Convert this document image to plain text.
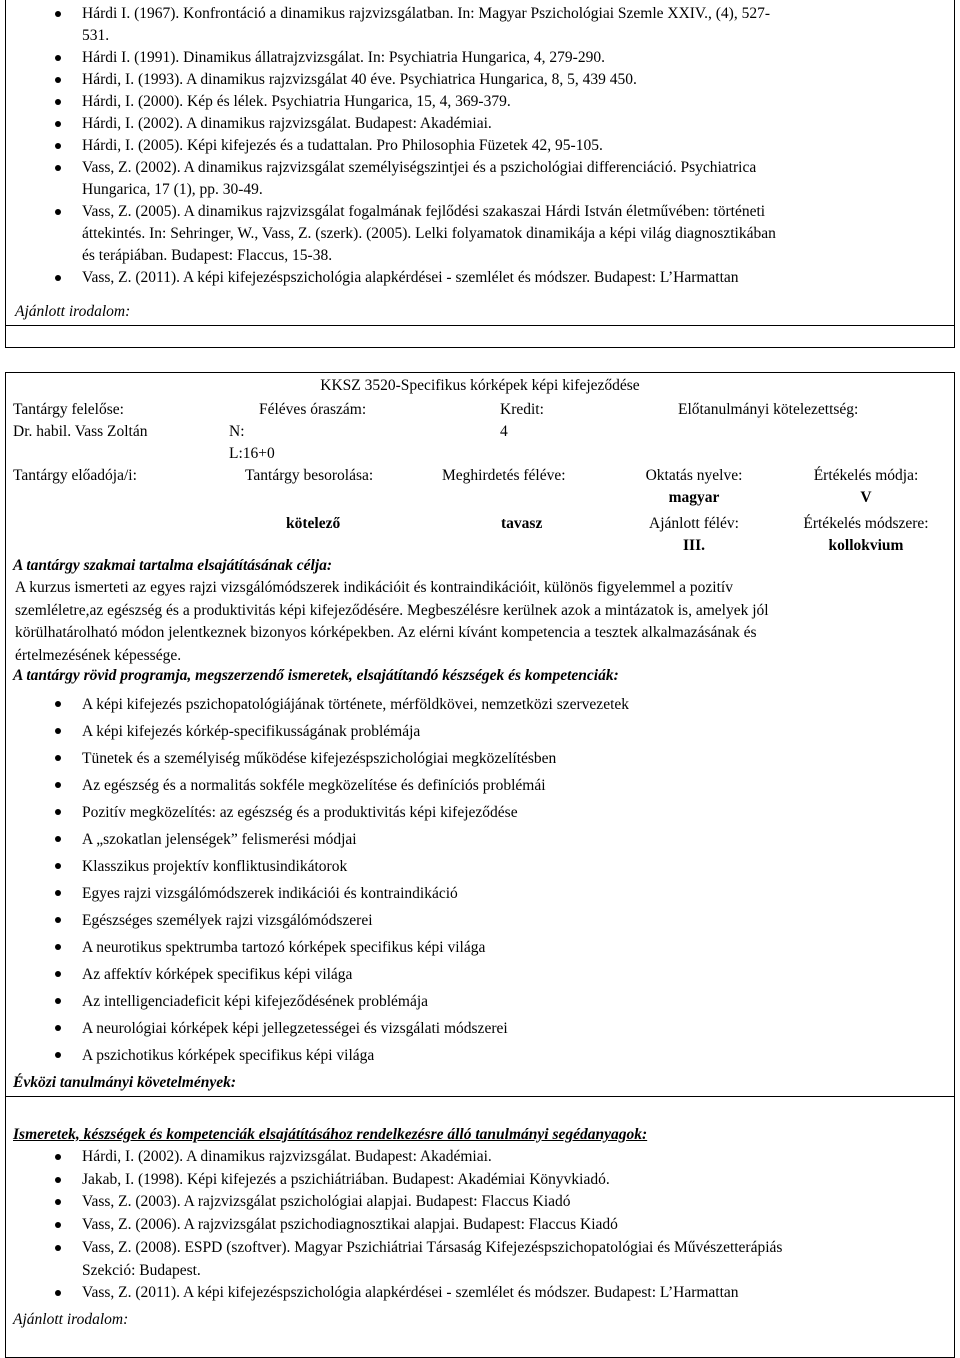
Hárdi I. (1967). Konfrontáció a dinamikus rajzvizsgálatban. In: Magyar Pszichológiai Szemle XXIV., (4), 527-
531.
Hárdi I. (1991). Dinamikus állatrajzvizsgálat. In: Psychiatria Hungarica, 4, 279-290.
Hárdi, I. (1993). A dinamikus rajzvizsgálat 40 éve. Psychiatrica Hungarica, 8, 5, 439 450.
Hárdi, I. (2000). Kép és lélek. Psychiatria Hungarica, 15, 4, 369-379.
Hárdi, I. (2002). A dinamikus rajzvizsgálat. Budapest: Akadémiai.
Hárdi, I. (2005). Képi kifejezés és a tudattalan. Pro Philosophia Füzetek 42, 95-105.
Vass, Z. (2002). A dinamikus rajzvizsgálat személyiségszintjei és a pszichológiai differenciáció. Psychiatrica
Hungarica, 17 (1), pp. 30-49.
Vass, Z. (2005). A dinamikus rajzvizsgálat fogalmának fejlődési szakaszai Hárdi István életművében: történeti
áttekintés. In: Sehringer, W., Vass, Z. (szerk). (2005). Lelki folyamatok dinamikája a képi világ diagnosztikában
és terápiában. Budapest: Flaccus, 15-38.
Vass, Z. (2011). A képi kifejezéspszichológia alapkérdései - szemlélet és módszer. Budapest: L’Harmattan
Ajánlott irodalom:
KKSZ 3520-Specifikus kórképek képi kifejeződése
Tantárgy felelőse:
Dr. habil. Vass Zoltán
Féléves óraszám:
N:
L:16+0
Kredit:
4
Előtanulmányi kötelezettség:
Tantárgy előadója/i:	Tantárgy besorolása:
kötelező
Meghirdetés féléve:
tavasz
Oktatás nyelve:
magyar
Ajánlott félév:
III.
Értékelés módja:
V
Értékelés módszere:
kollokvium
A tantárgy szakmai tartalma elsajátításának célja:
A kurzus ismerteti az egyes rajzi vizsgálómódszerek indikációit és kontraindikációit, különös figyelemmel a pozitív
szemléletre,az egészség és a produktivitás képi kifejeződésére. Megbeszélésre kerülnek azok a mintázatok is, amelyek jól
körülhatárolható módon jelentkeznek bizonyos kórképekben. Az elérni kívánt kompetencia a tesztek alkalmazásának és
értelmezésének képessége.
A tantárgy rövid programja, megszerzendő ismeretek, elsajátítandó készségek és kompetenciák:
A képi kifejezés pszichopatológiájának története, mérföldkövei, nemzetközi szervezetek
A képi kifejezés kórkép-specifikusságának problémája
Tünetek és a személyiség működése kifejezéspszichológiai megközelítésben
Az egészség és a normalitás sokféle megközelítése és definíciós problémái
Pozitív megközelítés: az egészség és a produktivitás képi kifejeződése
A „szokatlan jelenségek” felismerési módjai
Klasszikus projektív konfliktusindikátorok
Egyes rajzi vizsgálómódszerek indikációi és kontraindikáció
Egészséges személyek rajzi vizsgálómódszerei
A neurotikus spektrumba tartozó kórképek specifikus képi világa
Az affektív kórképek specifikus képi világa
Az intelligenciadeficit képi kifejeződésének problémája
A neurológiai kórképek képi jellegzetességei és vizsgálati módszerei
A pszichotikus kórképek specifikus képi világa
Évközi tanulmányi követelmények:
Ismeretek, készségek és kompetenciák elsajátításához rendelkezésre álló tanulmányi segédanyagok:
Hárdi, I. (2002). A dinamikus rajzvizsgálat. Budapest: Akadémiai.
Jakab, I. (1998). Képi kifejezés a pszichiátriában. Budapest: Akadémiai Könyvkiadó.
Vass, Z. (2003). A rajzvizsgálat pszichológiai alapjai. Budapest: Flaccus Kiadó
Vass, Z. (2006). A rajzvizsgálat pszichodiagnosztikai alapjai. Budapest: Flaccus Kiadó
Vass, Z. (2008). ESPD (szoftver). Magyar Pszichiátriai Társaság Kifejezéspszichopatológiai és Művészetterápiás
Szekció: Budapest.
Vass, Z. (2011). A képi kifejezéspszichológia alapkérdései - szemlélet és módszer. Budapest: L’Harmattan
Ajánlott irodalom:
